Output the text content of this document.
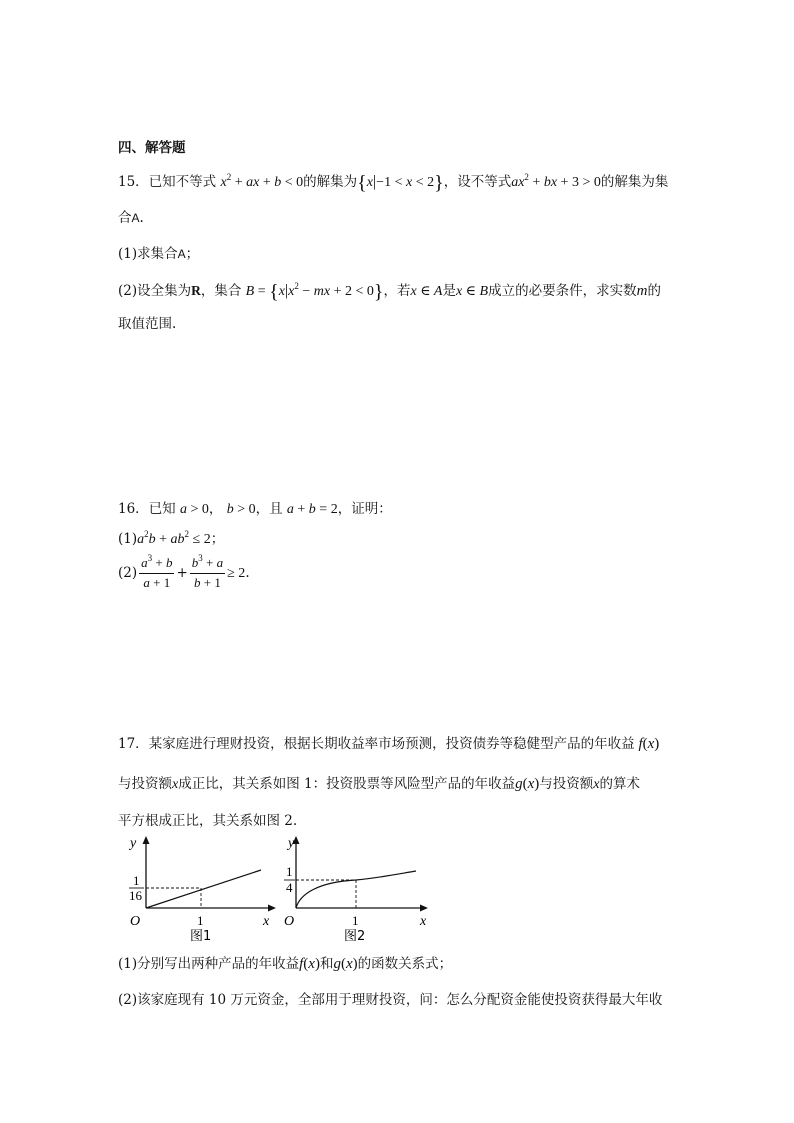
四、解答题
15．已知不等式 $x^2$ + ax + b < 0的解集为{x|−1 < x < 2}，设不等式$ax^2$ + bx + 3 > 0的解集为集
合A.
(1)求集合A；
(2)设全集为R，集合 $B = \{x|x^2$ − mx + 2 < 0}，若x ∈ A是x ∈ B成立的必要条件，求实数m的
取值范围.
16．已知 a > 0， b > 0，且 a + b = 2，证明：
$(1)a^2b + ab^2 \le 2$；
$(2) \frac{a^3 + b}{a + 1} + \frac{b^3 + a}{b + 1} \ge 2$.
17．某家庭进行理财投资，根据长期收益率市场预测，投资债券等稳健型产品的年收益 f(x)
与投资额x成正比，其关系如图 1：投资股票等风险型产品的年收益g(x)与投资额x的算术
平方根成正比，其关系如图 2.
y
x
O	1
1
16
图1
y
x
O	1
1
4
图2
(1)分别写出两种产品的年收益f(x)和g(x)的函数关系式；
(2)该家庭现有 10 万元资金，全部用于理财投资，问：怎么分配资金能使投资获得最大年收
